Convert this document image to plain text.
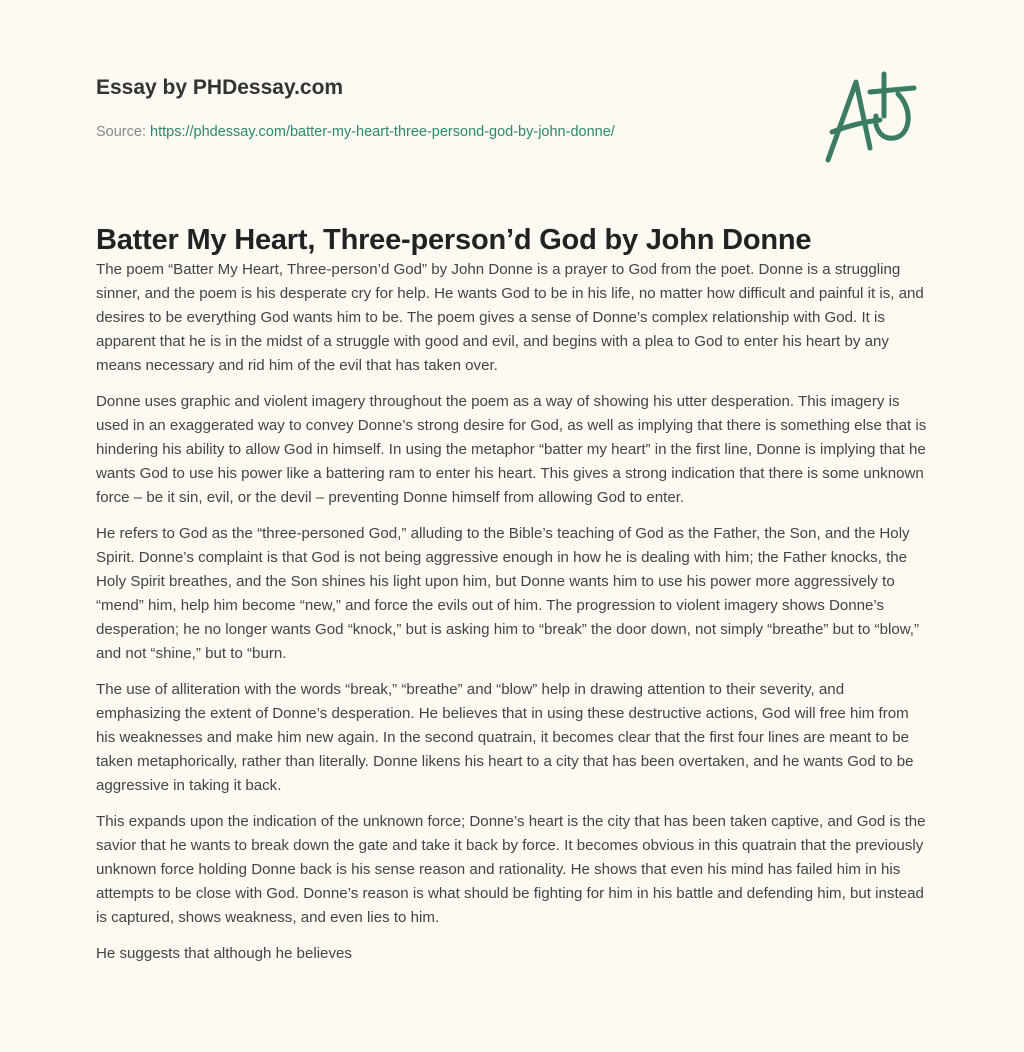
Essay by PHDessay.com

Source: https://phdessay.com/batter-my-heart-three-persond-god-by-john-donne/
Batter My Heart, Three-person’d God by John Donne

The poem “Batter My Heart, Three-person’d God” by John Donne is a prayer to God from the poet. Donne is a struggling sinner, and the poem is his desperate cry for help. He wants God to be in his life, no matter how difficult and painful it is, and desires to be everything God wants him to be. The poem gives a sense of Donne’s complex relationship with God. It is apparent that he is in the midst of a struggle with good and evil, and begins with a plea to God to enter his heart by any means necessary and rid him of the evil that has taken over.

Donne uses graphic and violent imagery throughout the poem as a way of showing his utter desperation. This imagery is used in an exaggerated way to convey Donne’s strong desire for God, as well as implying that there is something else that is hindering his ability to allow God in himself. In using the metaphor “batter my heart” in the first line, Donne is implying that he wants God to use his power like a battering ram to enter his heart. This gives a strong indication that there is some unknown force – be it sin, evil, or the devil – preventing Donne himself from allowing God to enter.

He refers to God as the “three-personed God,” alluding to the Bible’s teaching of God as the Father, the Son, and the Holy Spirit. Donne’s complaint is that God is not being aggressive enough in how he is dealing with him; the Father knocks, the Holy Spirit breathes, and the Son shines his light upon him, but Donne wants him to use his power more aggressively to “mend” him, help him become “new,” and force the evils out of him. The progression to violent imagery shows Donne’s desperation; he no longer wants God “knock,” but is asking him to “break” the door down, not simply “breathe” but to “blow,” and not “shine,” but to “burn.

The use of alliteration with the words “break,” “breathe” and “blow” help in drawing attention to their severity, and emphasizing the extent of Donne’s desperation. He believes that in using these destructive actions, God will free him from his weaknesses and make him new again. In the second quatrain, it becomes clear that the first four lines are meant to be taken metaphorically, rather than literally. Donne likens his heart to a city that has been overtaken, and he wants God to be aggressive in taking it back.

This expands upon the indication of the unknown force; Donne’s heart is the city that has been taken captive, and God is the savior that he wants to break down the gate and take it back by force. It becomes obvious in this quatrain that the previously unknown force holding Donne back is his sense reason and rationality. He shows that even his mind has failed him in his attempts to be close with God. Donne’s reason is what should be fighting for him in his battle and defending him, but instead is captured, shows weakness, and even lies to him.

He suggests that although he believes
